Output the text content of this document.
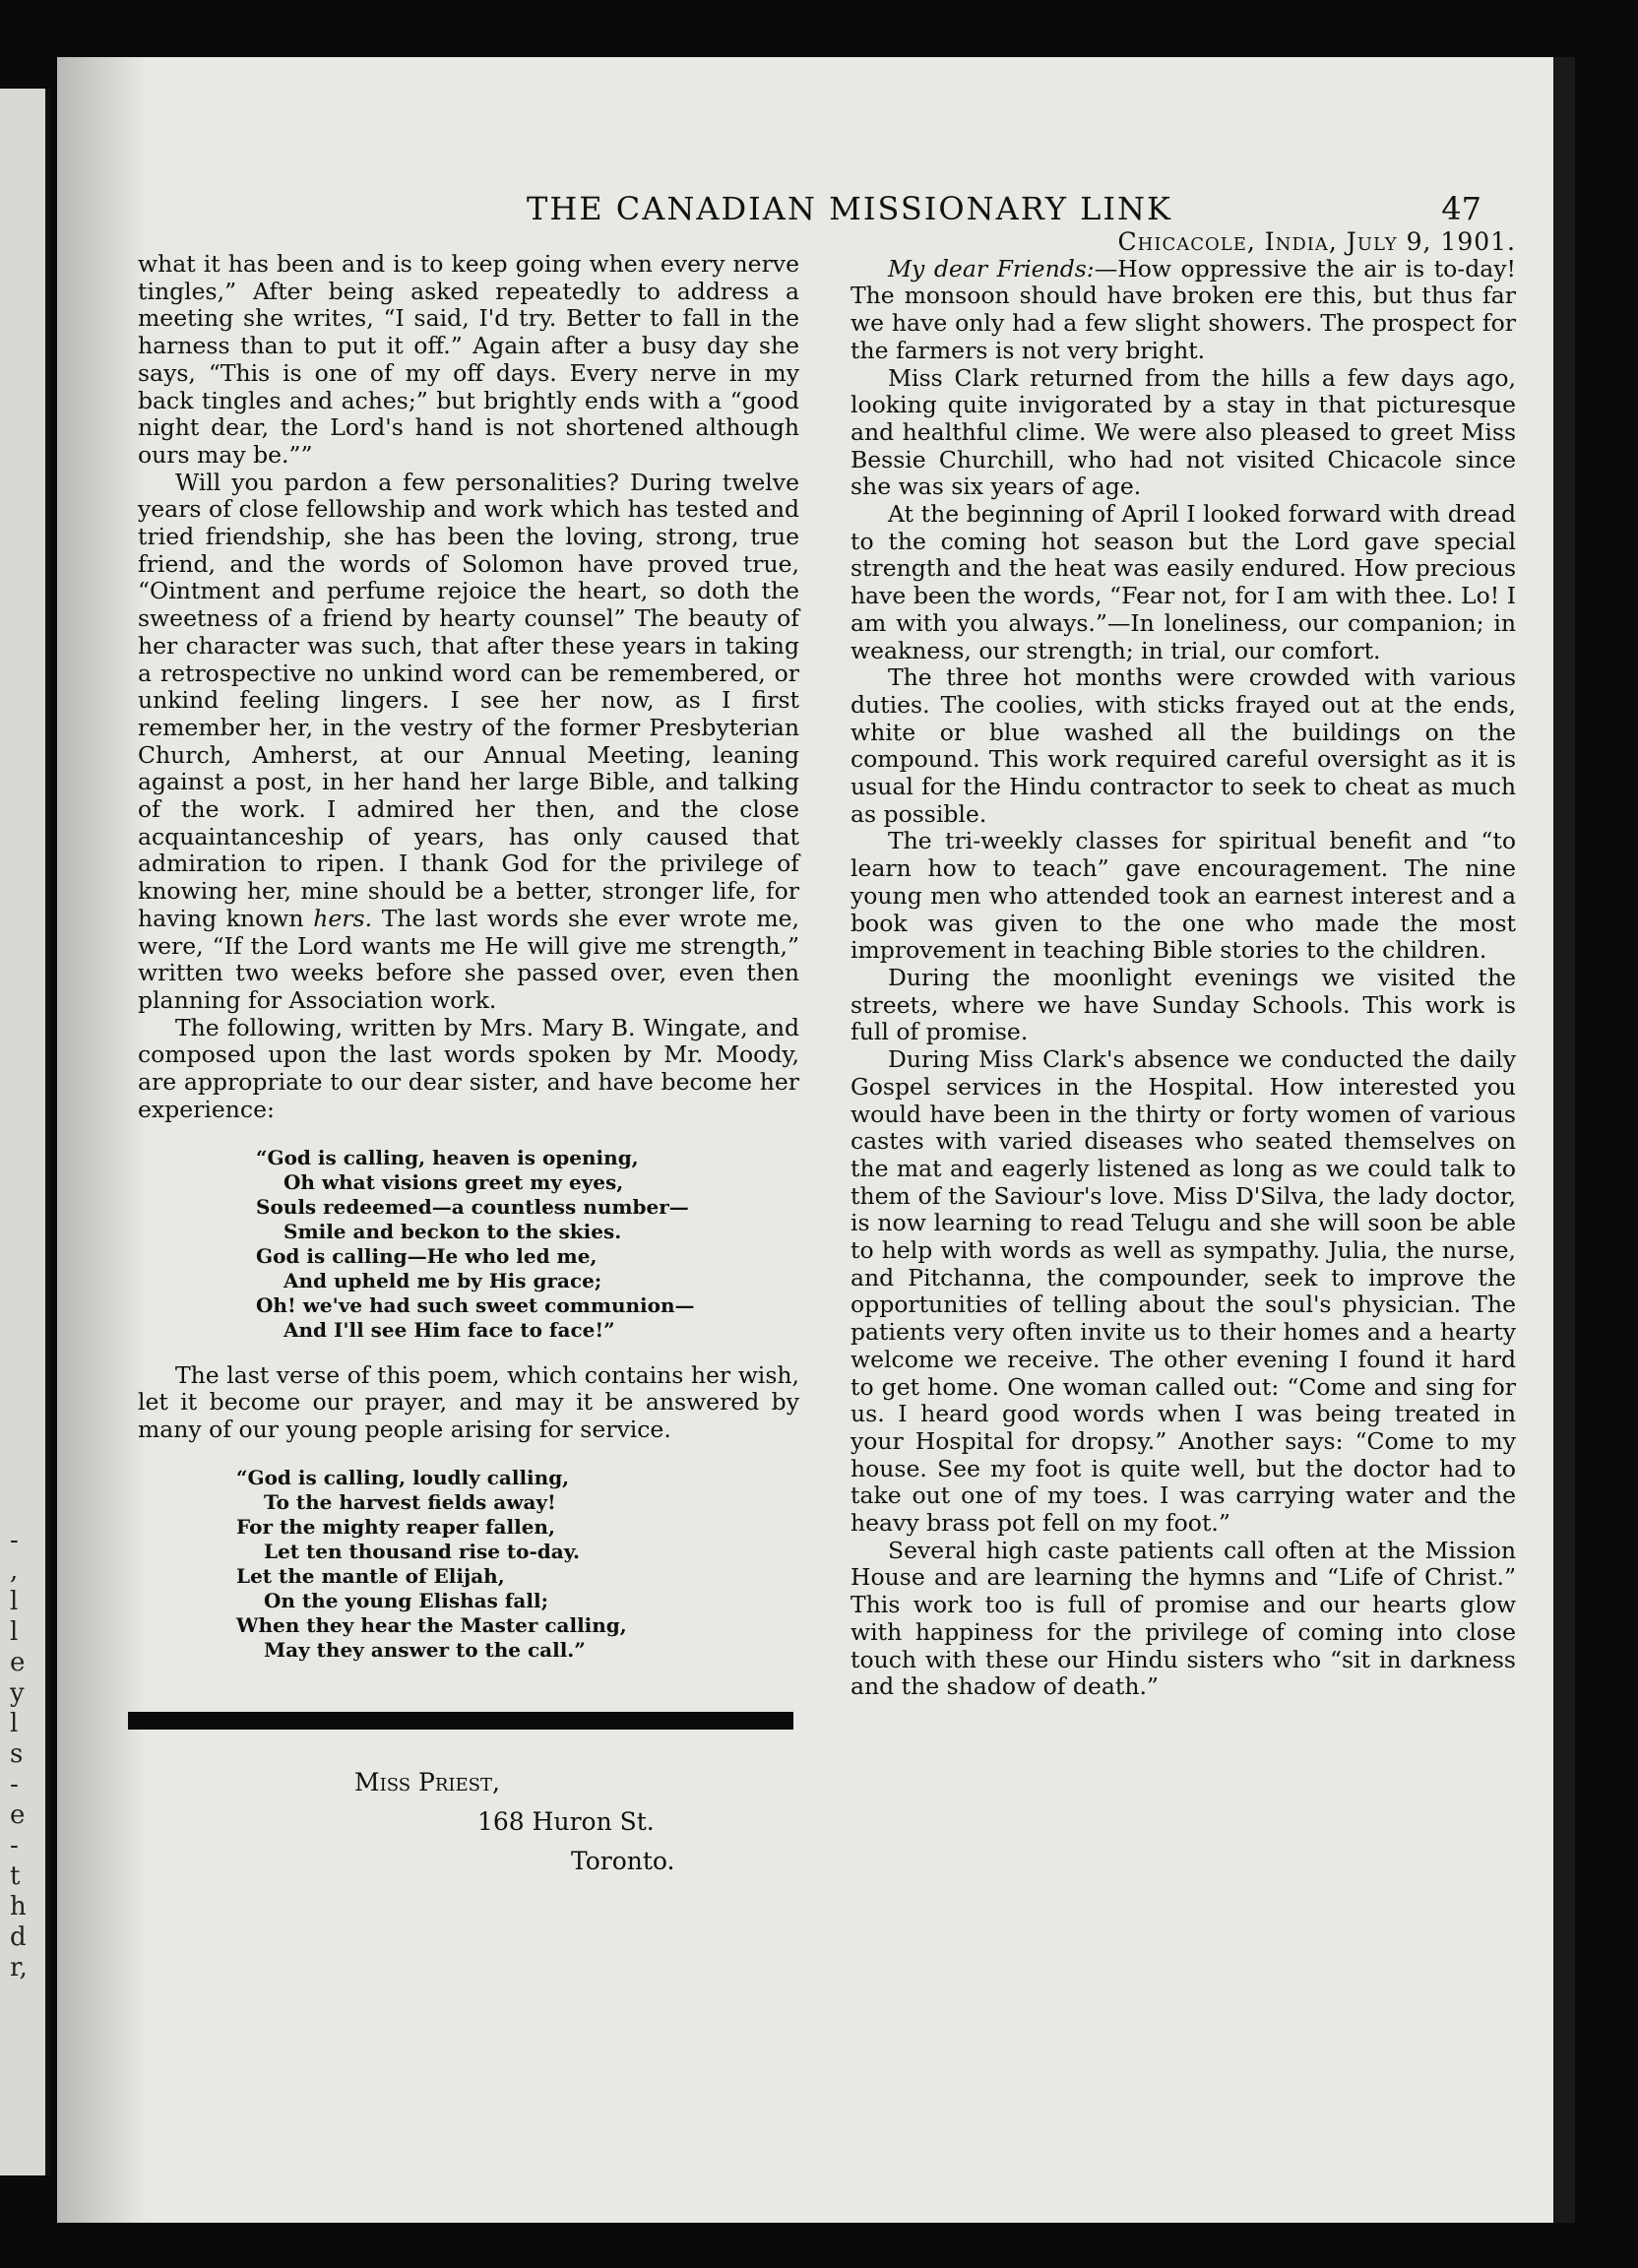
-
,
l
l
e
y
l
s
-
e
-
t
h
d
r,
THE CANADIAN MISSIONARY LINK	47

what it has been and is to keep going when every nerve tingles,” After being asked repeatedly to address a meeting she writes, “I said, I'd try. Better to fall in the harness than to put it off.” Again after a busy day she says, “This is one of my off days. Every nerve in my back tingles and aches;” but brightly ends with a “good night dear, the Lord's hand is not shortened although ours may be.””

Will you pardon a few personalities? During twelve years of close fellowship and work which has tested and tried friendship, she has been the loving, strong, true friend, and the words of Solomon have proved true, “Ointment and perfume rejoice the heart, so doth the sweetness of a friend by hearty counsel” The beauty of her character was such, that after these years in taking a retrospective no unkind word can be remembered, or unkind feeling lingers. I see her now, as I first remember her, in the vestry of the former Presbyterian Church, Amherst, at our Annual Meeting, leaning against a post, in her hand her large Bible, and talking of the work. I admired her then, and the close acquaintanceship of years, has only caused that admiration to ripen. I thank God for the privilege of knowing her, mine should be a better, stronger life, for having known hers. The last words she ever wrote me, were, “If the Lord wants me He will give me strength,” written two weeks before she passed over, even then planning for Association work.

The following, written by Mrs. Mary B. Wingate, and composed upon the last words spoken by Mr. Moody, are appropriate to our dear sister, and have become her experience:

“God is calling, heaven is opening,
Oh what visions greet my eyes,
Souls redeemed—a countless number—
Smile and beckon to the skies.
God is calling—He who led me,
And upheld me by His grace;
Oh! we've had such sweet communion—
And I'll see Him face to face!”

The last verse of this poem, which contains her wish, let it become our prayer, and may it be answered by many of our young people arising for service.

“God is calling, loudly calling,
To the harvest fields away!
For the mighty reaper fallen,
Let ten thousand rise to-day.
Let the mantle of Elijah,
On the young Elishas fall;
When they hear the Master calling,
May they answer to the call.”
Miss Priest,
168 Huron St.
Toronto.

Chicacole, India, July 9, 1901.

My dear Friends:—How oppressive the air is to-day! The monsoon should have broken ere this, but thus far we have only had a few slight showers. The prospect for the farmers is not very bright.

Miss Clark returned from the hills a few days ago, looking quite invigorated by a stay in that picturesque and healthful clime. We were also pleased to greet Miss Bessie Churchill, who had not visited Chicacole since she was six years of age.

At the beginning of April I looked forward with dread to the coming hot season but the Lord gave special strength and the heat was easily endured. How precious have been the words, “Fear not, for I am with thee. Lo! I am with you always.”—In loneliness, our companion; in weakness, our strength; in trial, our comfort.

The three hot months were crowded with various duties. The coolies, with sticks frayed out at the ends, white or blue washed all the buildings on the compound. This work required careful oversight as it is usual for the Hindu contractor to seek to cheat as much as possible.

The tri-weekly classes for spiritual benefit and “to learn how to teach” gave encouragement. The nine young men who attended took an earnest interest and a book was given to the one who made the most improvement in teaching Bible stories to the children.

During the moonlight evenings we visited the streets, where we have Sunday Schools. This work is full of promise.

During Miss Clark's absence we conducted the daily Gospel services in the Hospital. How interested you would have been in the thirty or forty women of various castes with varied diseases who seated themselves on the mat and eagerly listened as long as we could talk to them of the Saviour's love. Miss D'Silva, the lady doctor, is now learning to read Telugu and she will soon be able to help with words as well as sympathy. Julia, the nurse, and Pitchanna, the compounder, seek to improve the opportunities of telling about the soul's physician. The patients very often invite us to their homes and a hearty welcome we receive. The other evening I found it hard to get home. One woman called out: “Come and sing for us. I heard good words when I was being treated in your Hospital for dropsy.” Another says: “Come to my house. See my foot is quite well, but the doctor had to take out one of my toes. I was carrying water and the heavy brass pot fell on my foot.”

Several high caste patients call often at the Mission House and are learning the hymns and “Life of Christ.” This work too is full of promise and our hearts glow with happiness for the privilege of coming into close touch with these our Hindu sisters who “sit in darkness and the shadow of death.”
